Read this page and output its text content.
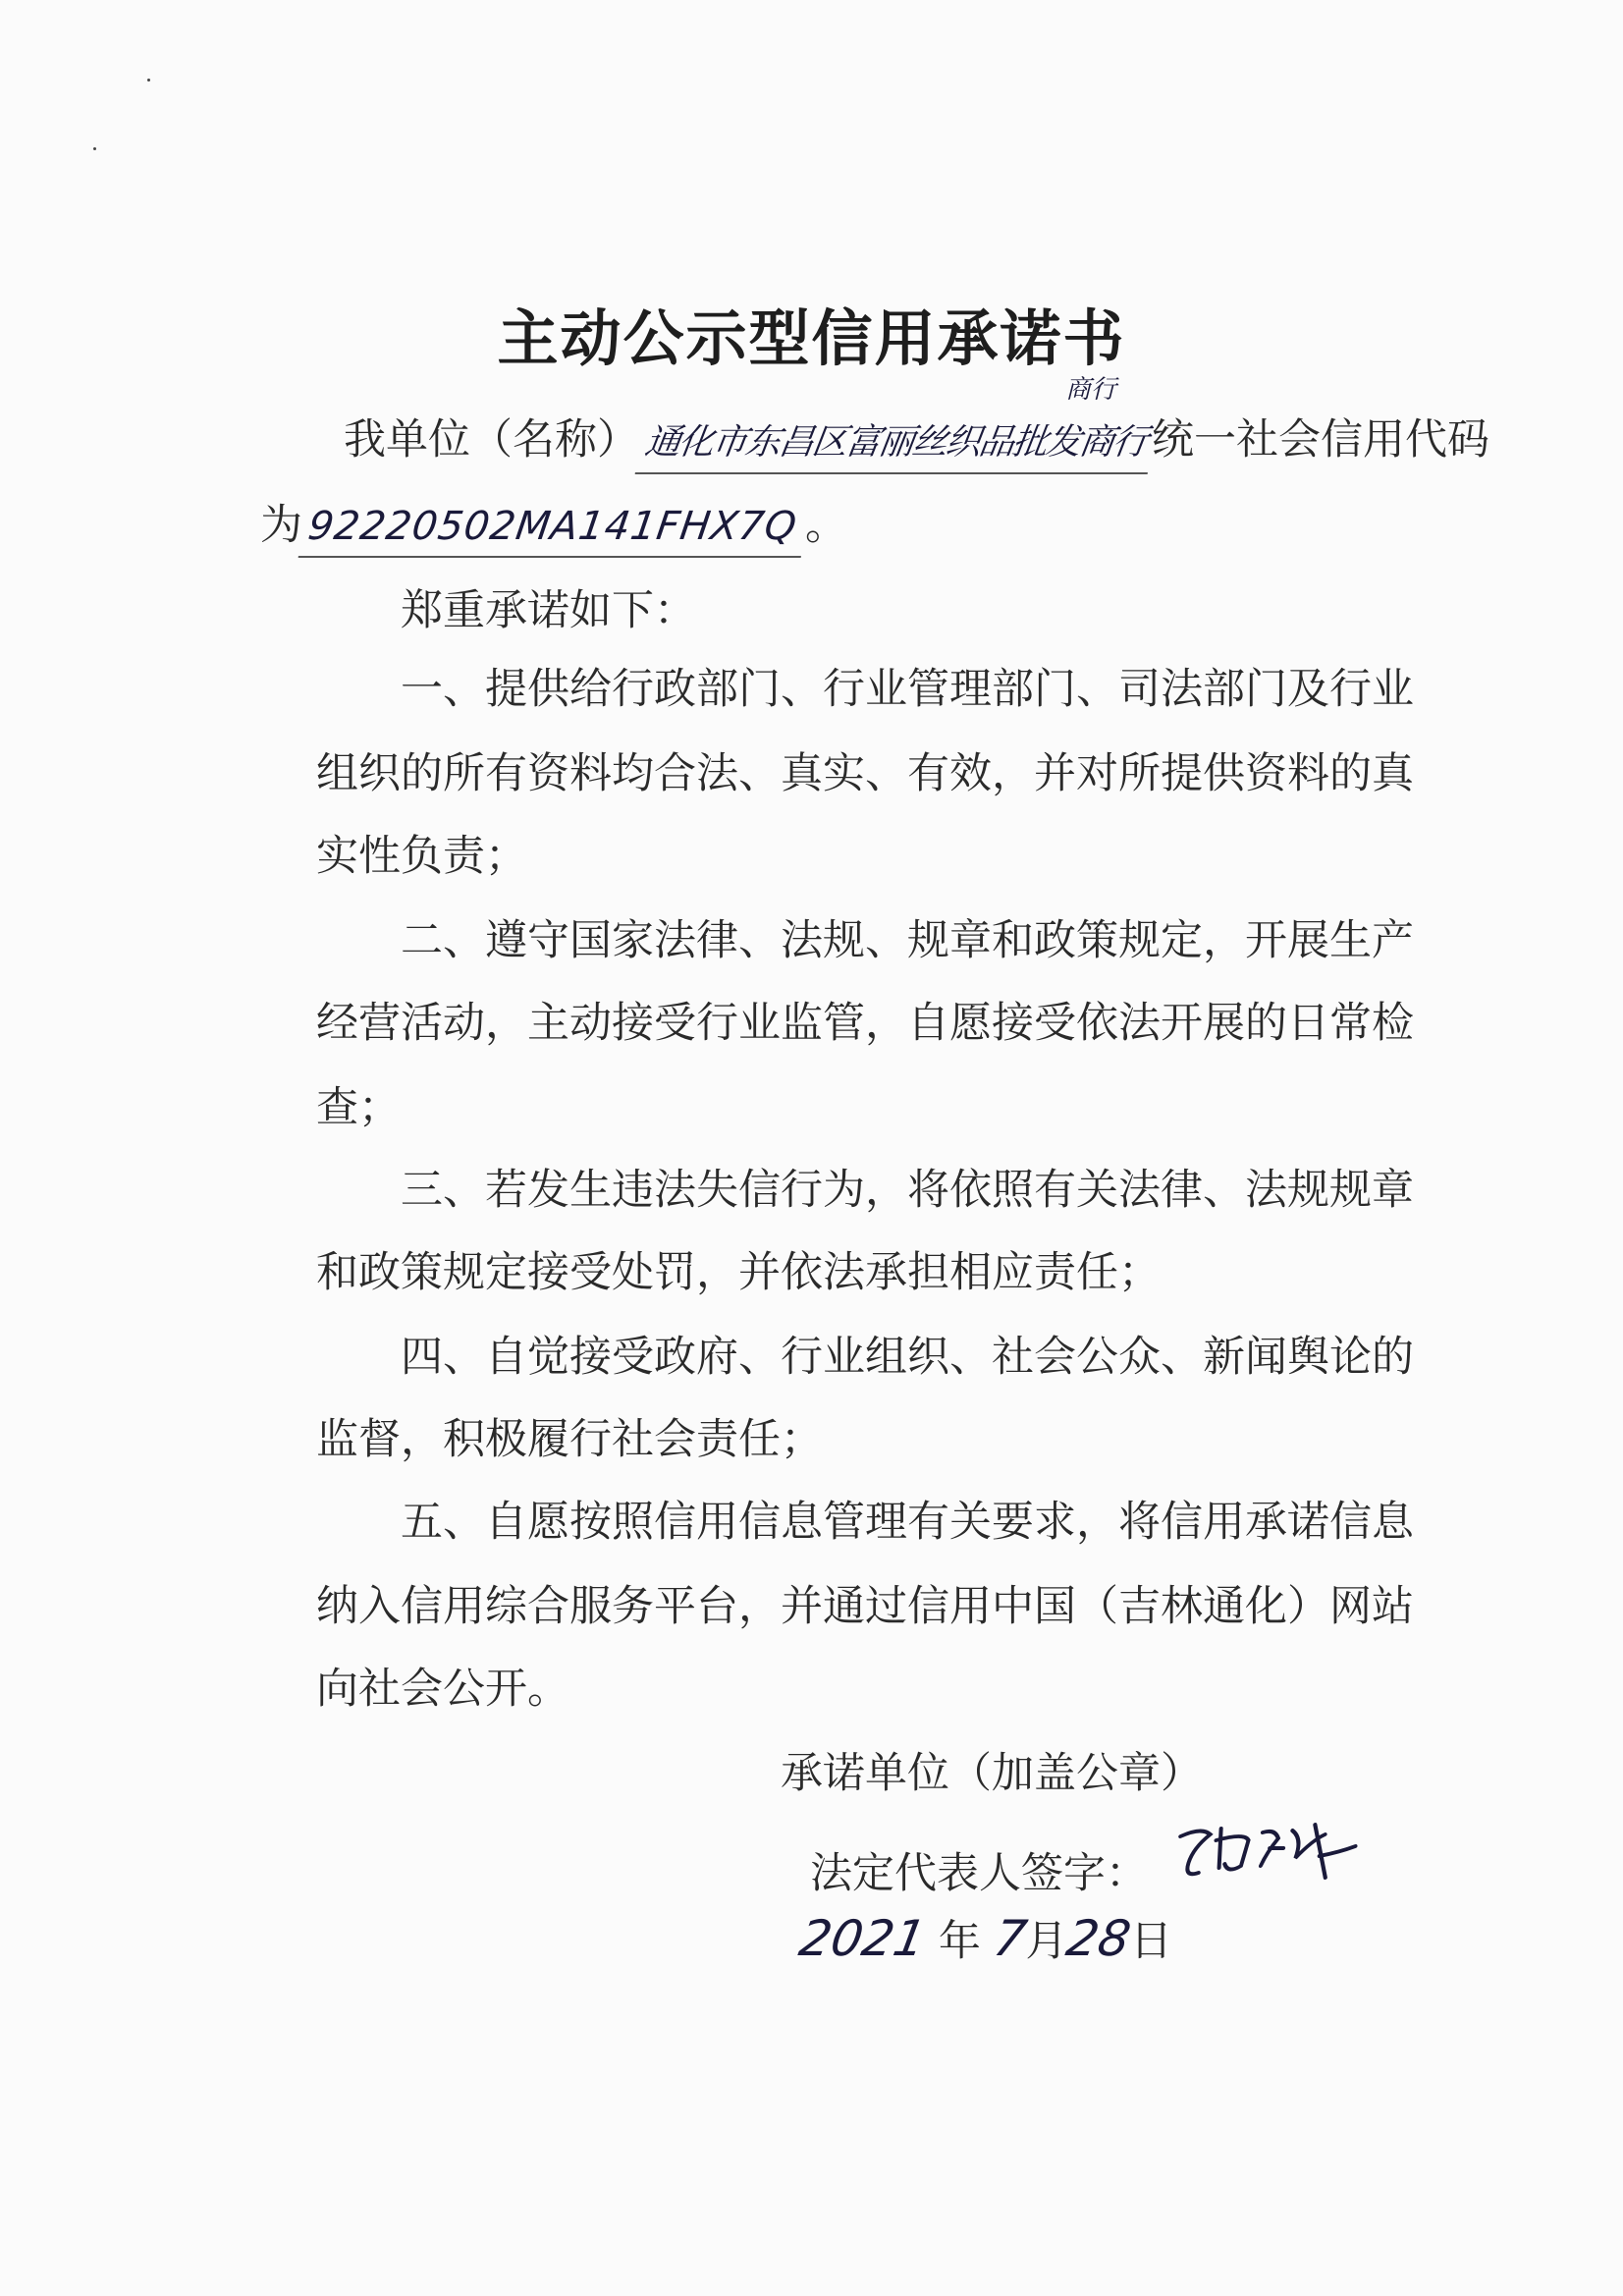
主动公示型信用承诺书
我单位（名称）通化市东昌区富丽丝织品批发商行统一社会信用代码
商行
为92220502MA141FHX7Q 。
郑重承诺如下：
一、提供给行政部门、行业管理部门、司法部门及行业
组织的所有资料均合法、真实、有效，并对所提供资料的真
实性负责；
二、遵守国家法律、法规、规章和政策规定，开展生产
经营活动，主动接受行业监管，自愿接受依法开展的日常检
查；
三、若发生违法失信行为，将依照有关法律、法规规章
和政策规定接受处罚，并依法承担相应责任；
四、自觉接受政府、行业组织、社会公众、新闻舆论的
监督，积极履行社会责任；
五、自愿按照信用信息管理有关要求，将信用承诺信息
纳入信用综合服务平台，并通过信用中国（吉林通化）网站
向社会公开。
承诺单位（加盖公章）
法定代表人签字：
2021 年 7月28日
